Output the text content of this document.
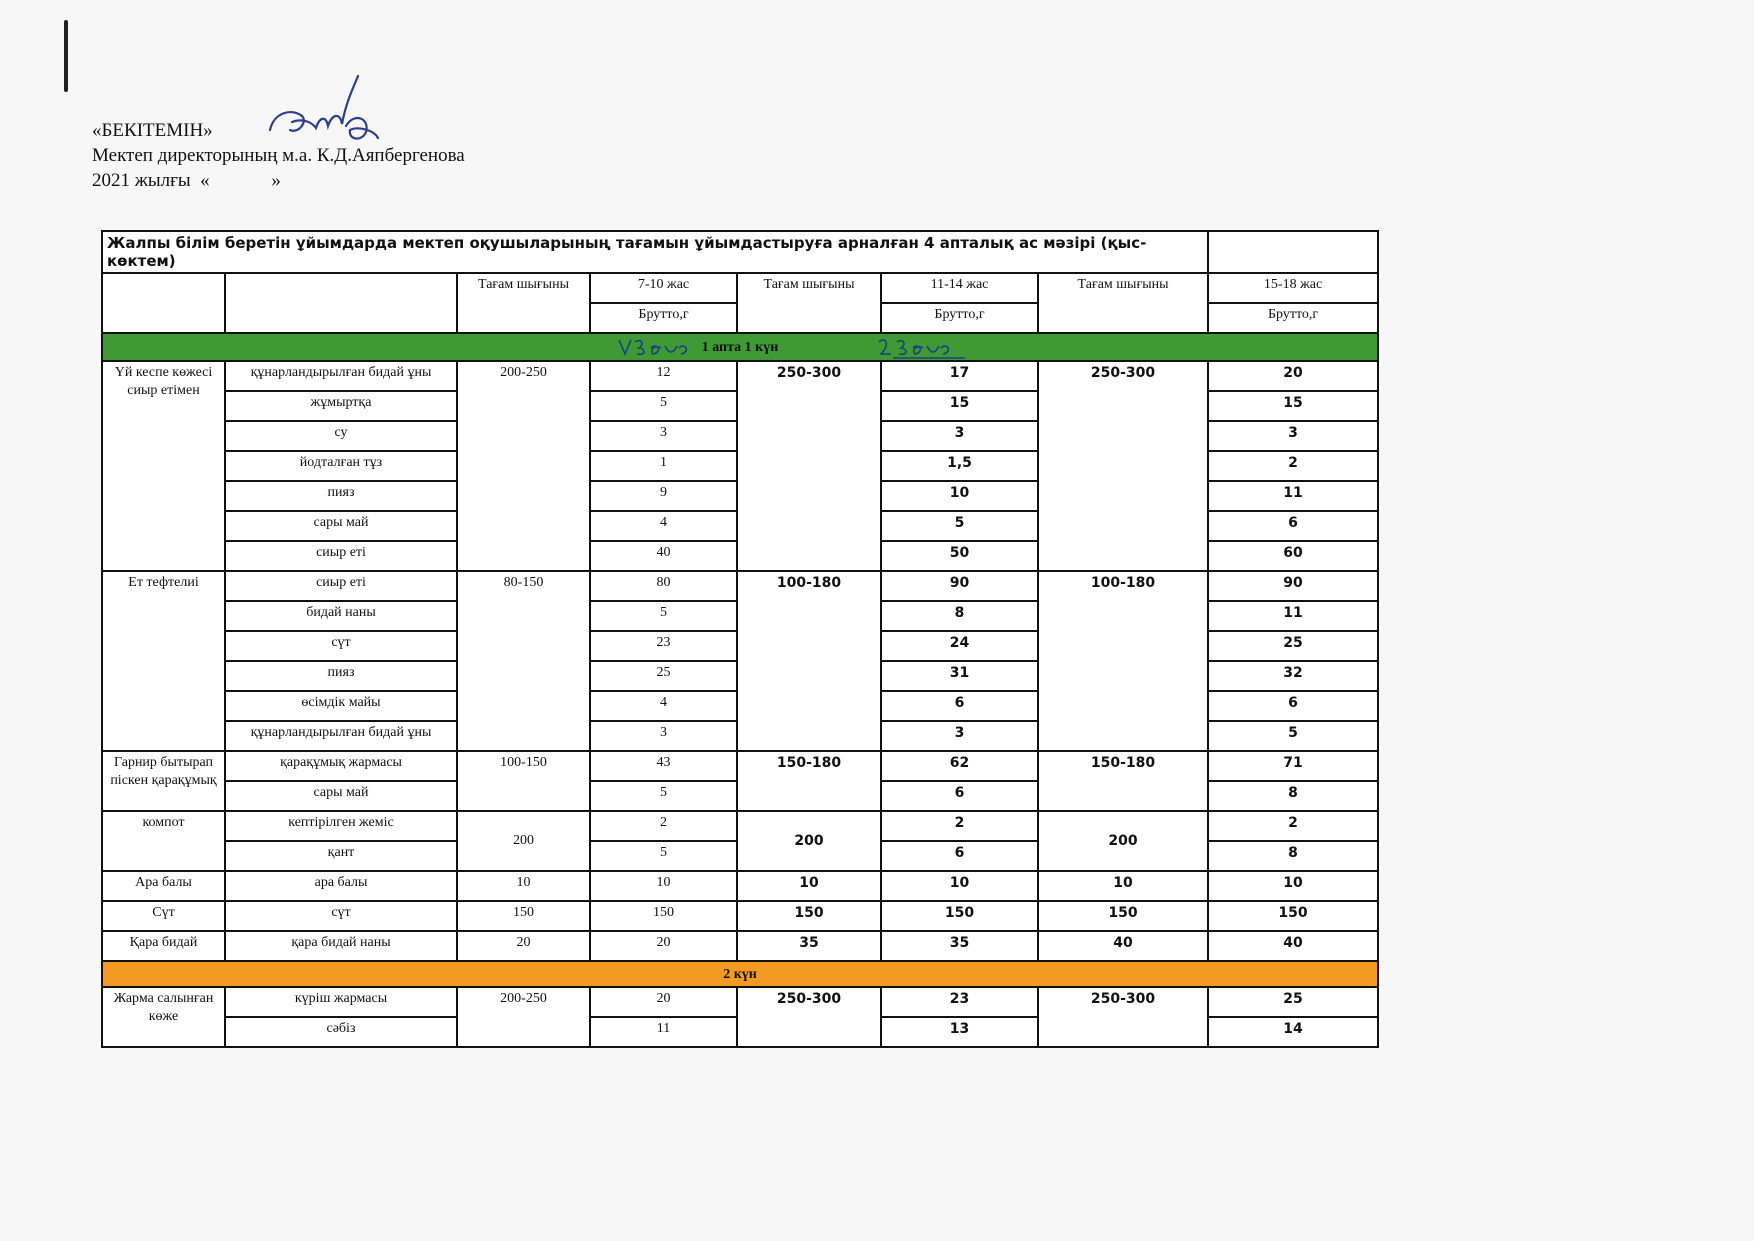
«БЕКІТЕМІН»
Мектеп директорының м.а. К.Д.Аяпбергенова
2021 жылғы  «             »
Жалпы білім беретін ұйымдарда мектеп оқушыларының тағамын ұйымдастыруға арналған 4 апталық ас мәзірі (қыс-көктем)							
		Тағам шығыны	7-10 жас	Тағам шығыны	11-14 жас	Тағам шығыны	15-18 жас
			Брутто,г		Брутто,г		Брутто,г

1 апта 1 күн							

Үй кеспе көжесі сиыр етімен	құнарландырылған бидай ұны	200-250	12	250-300	17	250-300	20
	жұмыртқа		5		15		15
	су		3		3		3
	йодталған тұз		1		1,5		2
	пияз		9		10		11
	сары май		4		5		6
	сиыр еті		40		50		60
Ет тефтелиі	сиыр еті	80-150	80	100-180	90	100-180	90
	бидай наны		5		8		11
	сүт		23		24		25
	пияз		25		31		32
	өсімдік майы		4		6		6
	құнарландырылған бидай ұны		3		3		5
Гарнир бытырап піскен қарақұмық	қарақұмық жармасы	100-150	43	150-180	62	150-180	71
	сары май		5		6		8
компот	кептірілген жеміс	200	2	200	2	200	2
	қант		5		6		8
Ара балы	ара балы	10	10	10	10	10	10
Сүт	сүт	150	150	150	150	150	150
Қара бидай	қара бидай наны	20	20	35	35	40	40

2 күн							

Жарма салынған көже	күріш жармасы	200-250	20	250-300	23	250-300	25
	сәбіз		11		13		14
